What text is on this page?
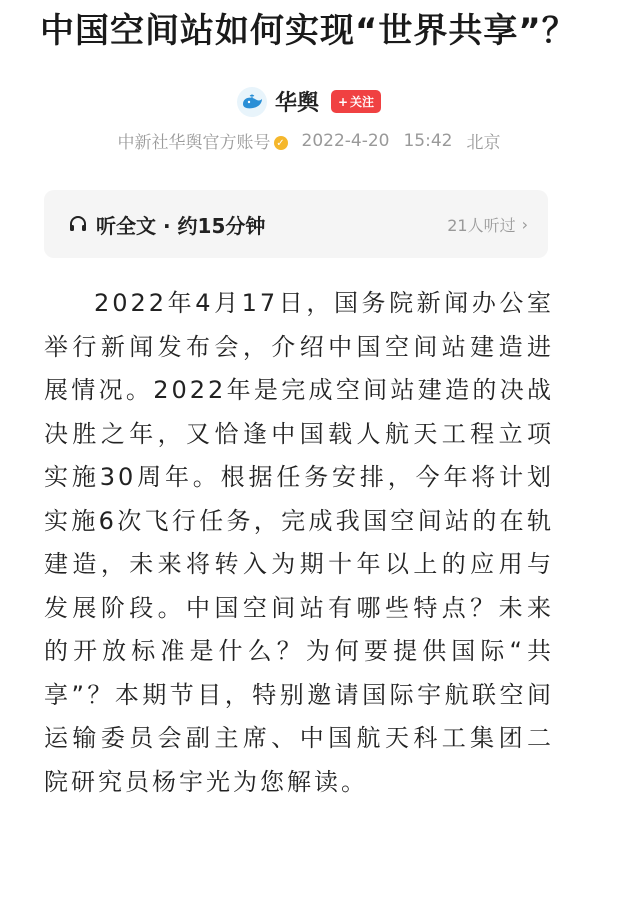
中国空间站如何实现“世界共享”？
华舆 + 关注
中新社华舆官方账号 ✓ 2022-4-20 15:42 北京
听全文 · 约15分钟	21人听过 ›
2022年4月17日，国务院新闻办公室举行新闻发布会，介绍中国空间站建造进展情况。2022年是完成空间站建造的决战决胜之年，又恰逢中国载人航天工程立项实施30周年。根据任务安排，今年将计划实施6次飞行任务，完成我国空间站的在轨建造，未来将转入为期十年以上的应用与发展阶段。中国空间站有哪些特点？未来的开放标准是什么？为何要提供国际“共享”？本期节目，特别邀请国际宇航联空间运输委员会副主席、中国航天科工集团二院研究员杨宇光为您解读。
